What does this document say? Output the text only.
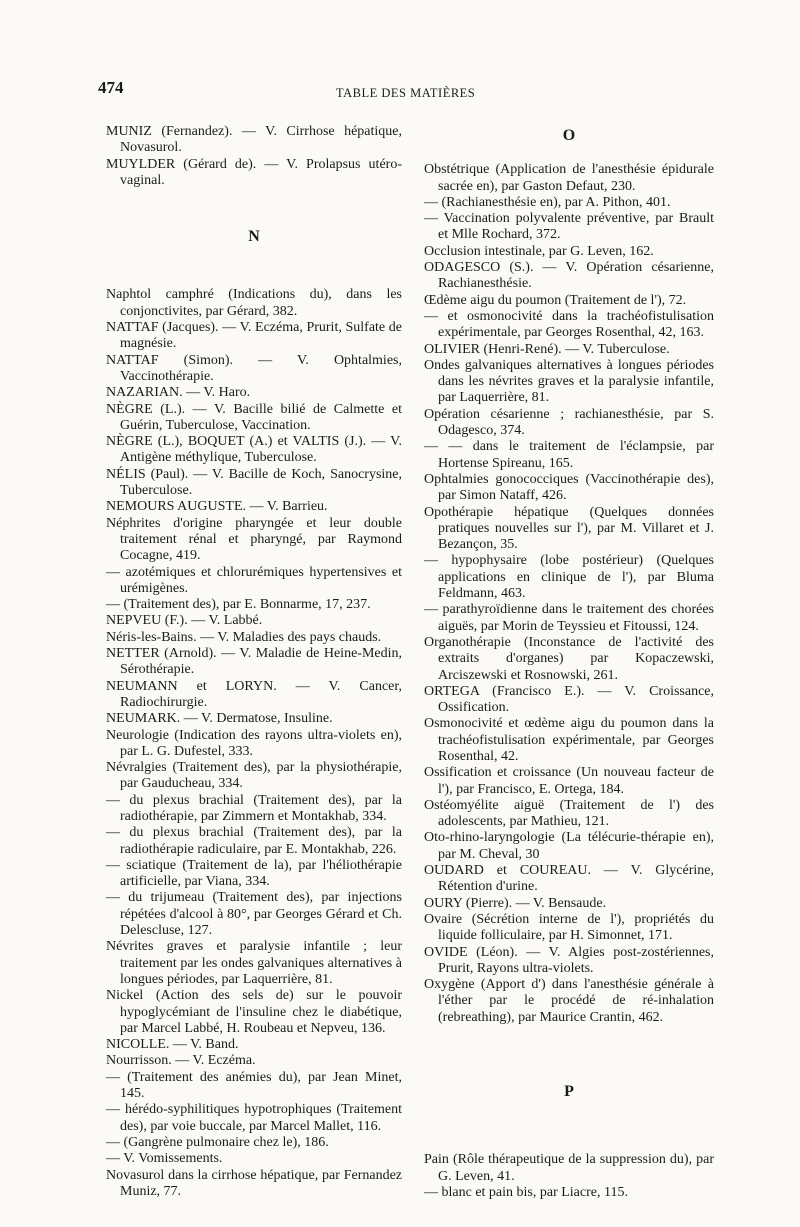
474	TABLE DES MATIÈRES
MUNIZ (Fernandez). — V. Cirrhose hépatique, Novasurol.
MUYLDER (Gérard de). — V. Prolapsus utéro-vaginal.
N
Naphtol camphré (Indications du), dans les conjonctivites, par Gérard, 382.
NATTAF (Jacques). — V. Eczéma, Prurit, Sulfate de magnésie.
NATTAF (Simon). — V. Ophtalmies, Vaccinothérapie.
NAZARIAN. — V. Haro.
NÈGRE (L.). — V. Bacille bilié de Calmette et Guérin, Tuberculose, Vaccination.
NÈGRE (L.), BOQUET (A.) et VALTIS (J.). — V. Antigène méthylique, Tuberculose.
NÉLIS (Paul). — V. Bacille de Koch, Sanocrysine, Tuberculose.
NEMOURS AUGUSTE. — V. Barrieu.
Néphrites d'origine pharyngée et leur double traitement rénal et pharyngé, par Raymond Cocagne, 419.
— azotémiques et chlorurémiques hypertensives et urémigènes.
— (Traitement des), par E. Bonnarme, 17, 237.
NEPVEU (F.). — V. Labbé.
Néris-les-Bains. — V. Maladies des pays chauds.
NETTER (Arnold). — V. Maladie de Heine-Medin, Sérothérapie.
NEUMANN et LORYN. — V. Cancer, Radiochirurgie.
NEUMARK. — V. Dermatose, Insuline.
Neurologie (Indication des rayons ultra-violets en), par L. G. Dufestel, 333.
Névralgies (Traitement des), par la physiothérapie, par Gauducheau, 334.
— du plexus brachial (Traitement des), par la radiothérapie, par Zimmern et Montakhab, 334.
— du plexus brachial (Traitement des), par la radiothérapie radiculaire, par E. Montakhab, 226.
— sciatique (Traitement de la), par l'héliothérapie artificielle, par Viana, 334.
— du trijumeau (Traitement des), par injections répétées d'alcool à 80°, par Georges Gérard et Ch. Delescluse, 127.
Névrites graves et paralysie infantile ; leur traitement par les ondes galvaniques alternatives à longues périodes, par Laquerrière, 81.
Nickel (Action des sels de) sur le pouvoir hypoglycémiant de l'insuline chez le diabétique, par Marcel Labbé, H. Roubeau et Nepveu, 136.
NICOLLE. — V. Band.
Nourrisson. — V. Eczéma.
— (Traitement des anémies du), par Jean Minet, 145.
— hérédo-syphilitiques hypotrophiques (Traitement des), par voie buccale, par Marcel Mallet, 116.
— (Gangrène pulmonaire chez le), 186.
— V. Vomissements.
Novasurol dans la cirrhose hépatique, par Fernandez Muniz, 77.
O
Obstétrique (Application de l'anesthésie épidurale sacrée en), par Gaston Defaut, 230.
— (Rachianesthésie en), par A. Pithon, 401.
— Vaccination polyvalente préventive, par Brault et Mlle Rochard, 372.
Occlusion intestinale, par G. Leven, 162.
ODAGESCO (S.). — V. Opération césarienne, Rachianesthésie.
Œdème aigu du poumon (Traitement de l'), 72.
— et osmonocivité dans la trachéofistulisation expérimentale, par Georges Rosenthal, 42, 163.
OLIVIER (Henri-René). — V. Tuberculose.
Ondes galvaniques alternatives à longues périodes dans les névrites graves et la paralysie infantile, par Laquerrière, 81.
Opération césarienne ; rachianesthésie, par S. Odagesco, 374.
— — dans le traitement de l'éclampsie, par Hortense Spireanu, 165.
Ophtalmies gonococciques (Vaccinothérapie des), par Simon Nataff, 426.
Opothérapie hépatique (Quelques données pratiques nouvelles sur l'), par M. Villaret et J. Bezançon, 35.
— hypophysaire (lobe postérieur) (Quelques applications en clinique de l'), par Bluma Feldmann, 463.
— parathyroïdienne dans le traitement des chorées aiguës, par Morin de Teyssieu et Fitoussi, 124.
Organothérapie (Inconstance de l'activité des extraits d'organes) par Kopaczewski, Arciszewski et Rosnowski, 261.
ORTEGA (Francisco E.). — V. Croissance, Ossification.
Osmonocivité et œdème aigu du poumon dans la trachéofistulisation expérimentale, par Georges Rosenthal, 42.
Ossification et croissance (Un nouveau facteur de l'), par Francisco, E. Ortega, 184.
Ostéomyélite aiguë (Traitement de l') des adolescents, par Mathieu, 121.
Oto-rhino-laryngologie (La télécurie-thérapie en), par M. Cheval, 30
OUDARD et COUREAU. — V. Glycérine, Rétention d'urine.
OURY (Pierre). — V. Bensaude.
Ovaire (Sécrétion interne de l'), propriétés du liquide folliculaire, par H. Simonnet, 171.
OVIDE (Léon). — V. Algies post-zostériennes, Prurit, Rayons ultra-violets.
Oxygène (Apport d') dans l'anesthésie générale à l'éther par le procédé de ré-inhalation (rebreathing), par Maurice Crantin, 462.
P
Pain (Rôle thérapeutique de la suppression du), par G. Leven, 41.
— blanc et pain bis, par Liacre, 115.
